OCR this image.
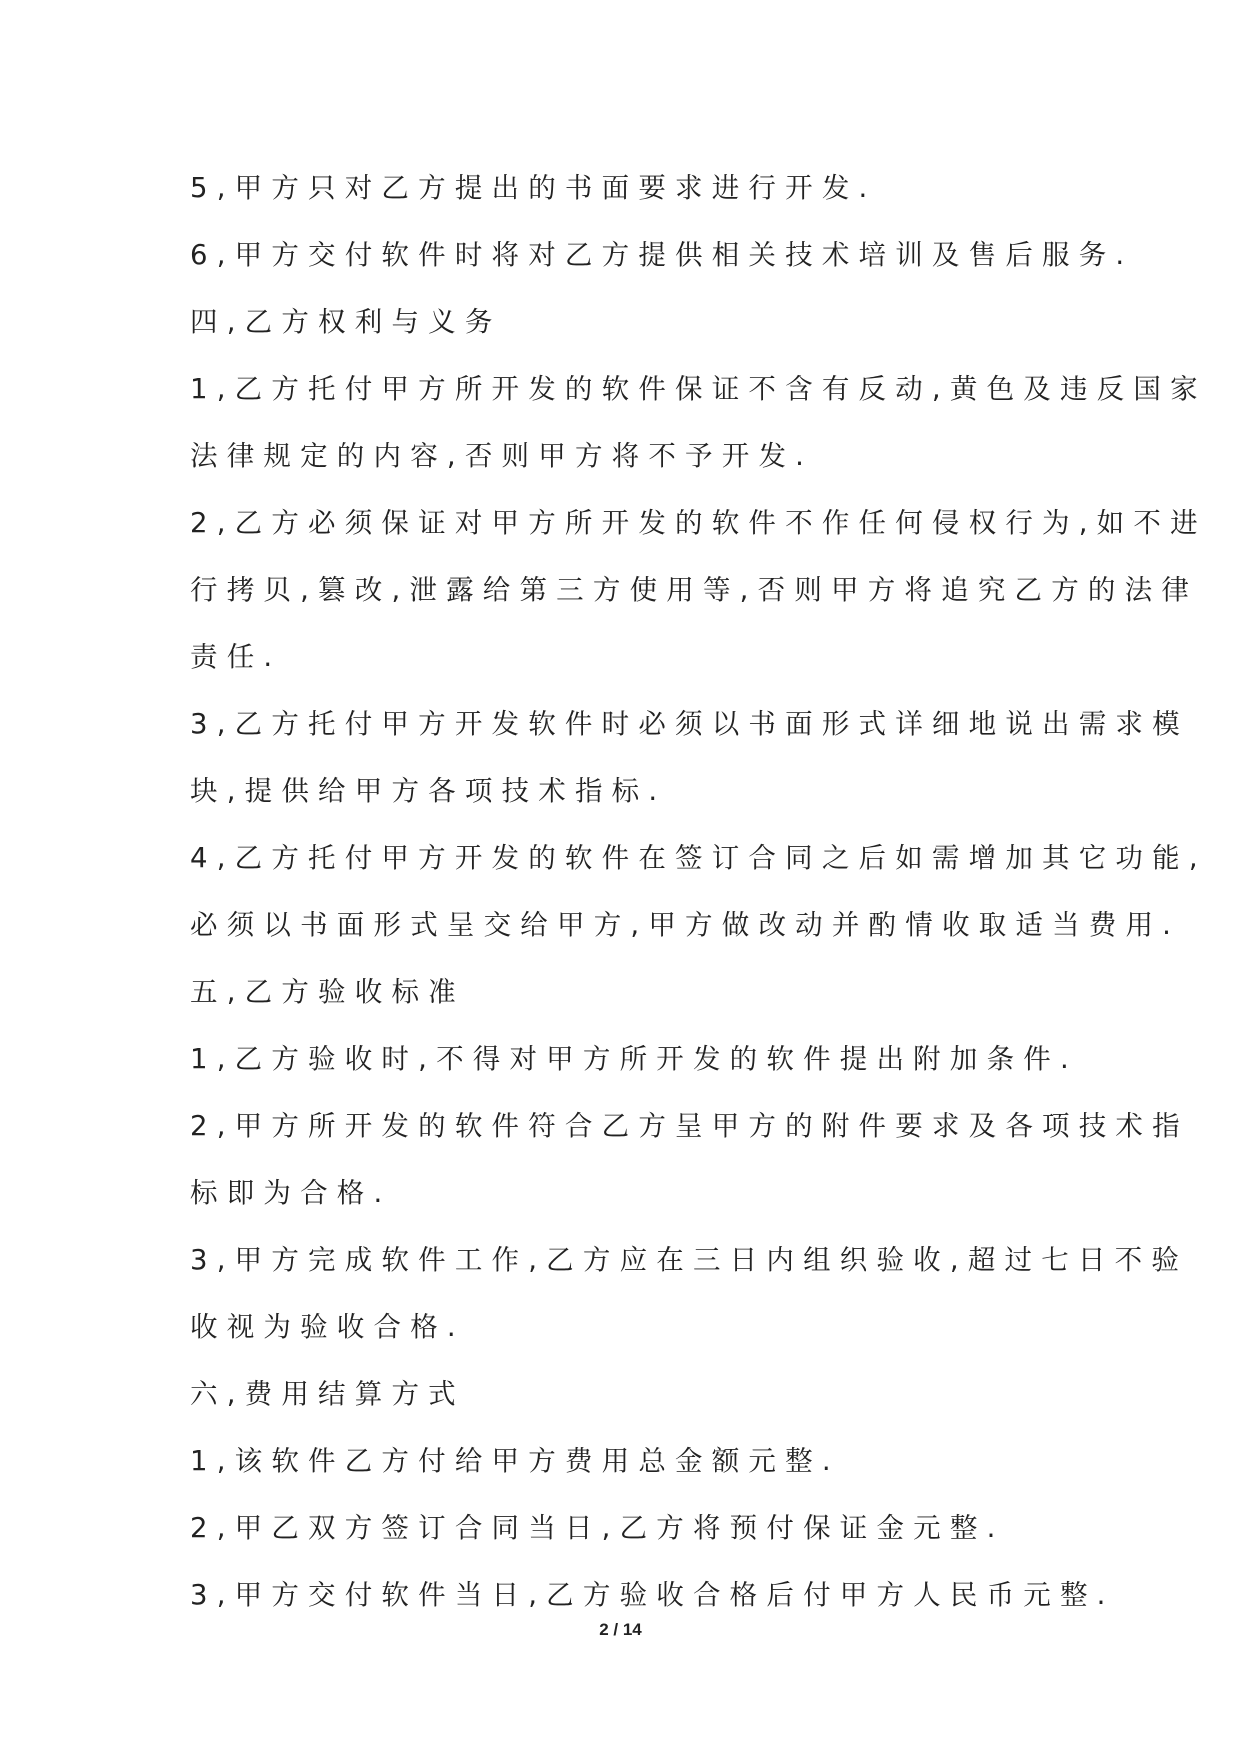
5,甲方只对乙方提出的书面要求进行开发.
6,甲方交付软件时将对乙方提供相关技术培训及售后服务.
四,乙方权利与义务
1,乙方托付甲方所开发的软件保证不含有反动,黄色及违反国家
法律规定的内容,否则甲方将不予开发.
2,乙方必须保证对甲方所开发的软件不作任何侵权行为,如不进
行拷贝,篡改,泄露给第三方使用等,否则甲方将追究乙方的法律
责任.
3,乙方托付甲方开发软件时必须以书面形式详细地说出需求模
块,提供给甲方各项技术指标.
4,乙方托付甲方开发的软件在签订合同之后如需增加其它功能,
必须以书面形式呈交给甲方,甲方做改动并酌情收取适当费用.
五,乙方验收标准
1,乙方验收时,不得对甲方所开发的软件提出附加条件.
2,甲方所开发的软件符合乙方呈甲方的附件要求及各项技术指
标即为合格.
3,甲方完成软件工作,乙方应在三日内组织验收,超过七日不验
收视为验收合格.
六,费用结算方式
1,该软件乙方付给甲方费用总金额元整.
2,甲乙双方签订合同当日,乙方将预付保证金元整.
3,甲方交付软件当日,乙方验收合格后付甲方人民币元整.
2 / 14
